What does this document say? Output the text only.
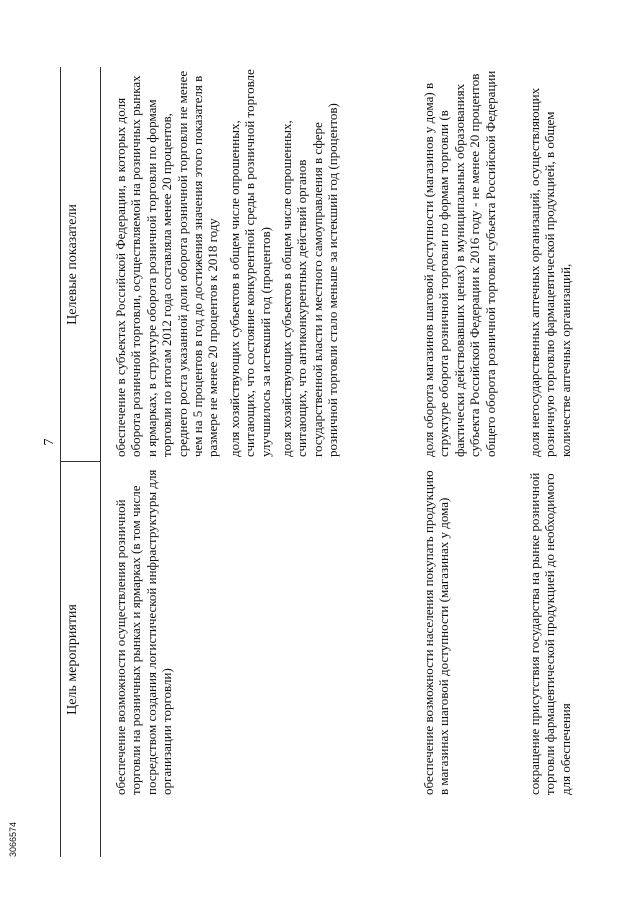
3066574
7
Цель мероприятия
Целевые показатели

обеспечение возможности осуществления розничной торговли на розничных рынках и ярмарках (в том числе посредством создания логистической инфраструктуры для организации торговли)

обеспечение в субъектах Российской Федерации, в которых доля оборота розничной торговли, осуществляемой на розничных рынках и ярмарках, в структуре оборота розничной торговли по формам торговли по итогам 2012 года составляла менее 20 процентов, среднего роста указанной доли оборота розничной торговли не менее чем на 5 процентов в год до достижения значения этого показателя в размере не менее 20 процентов к 2018 году доля хозяйствующих субъектов в общем числе опрошенных, считающих, что состояние конкурентной среды в розничной торговле улучшилось за истекший год (процентов) доля хозяйствующих субъектов в общем числе опрошенных, считающих, что антиконкурентных действий органов государственной власти и местного самоуправления в сфере розничной торговли стало меньше за истекший год (процентов)

обеспечение возможности населения покупать продукцию в магазинах шаговой доступности (магазинах у дома)

доля оборота магазинов шаговой доступности (магазинов у дома) в структуре оборота розничной торговли по формам торговли (в фактически действовавших ценах) в муниципальных образованиях субъекта Российской Федерации к 2016 году - не менее 20 процентов общего оборота розничной торговли субъекта Российской Федерации

сокращение присутствия государства на рынке розничной торговли фармацевтической продукцией до необходимого для обеспечения

доля негосударственных аптечных организаций, осуществляющих розничную торговлю фармацевтической продукцией, в общем количестве аптечных организаций,
